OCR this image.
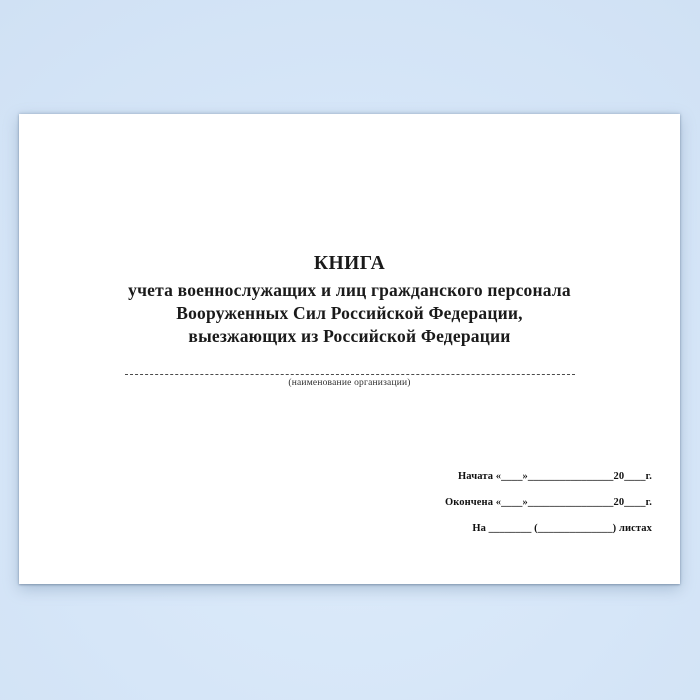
КНИГА
учета военнослужащих и лиц гражданского персонала
Вооруженных Сил Российской Федерации,
выезжающих из Российской Федерации
(наименование организации)
Начата «____»________________20____г.
Окончена «____»________________20____г.
На ________ (______________) листах
